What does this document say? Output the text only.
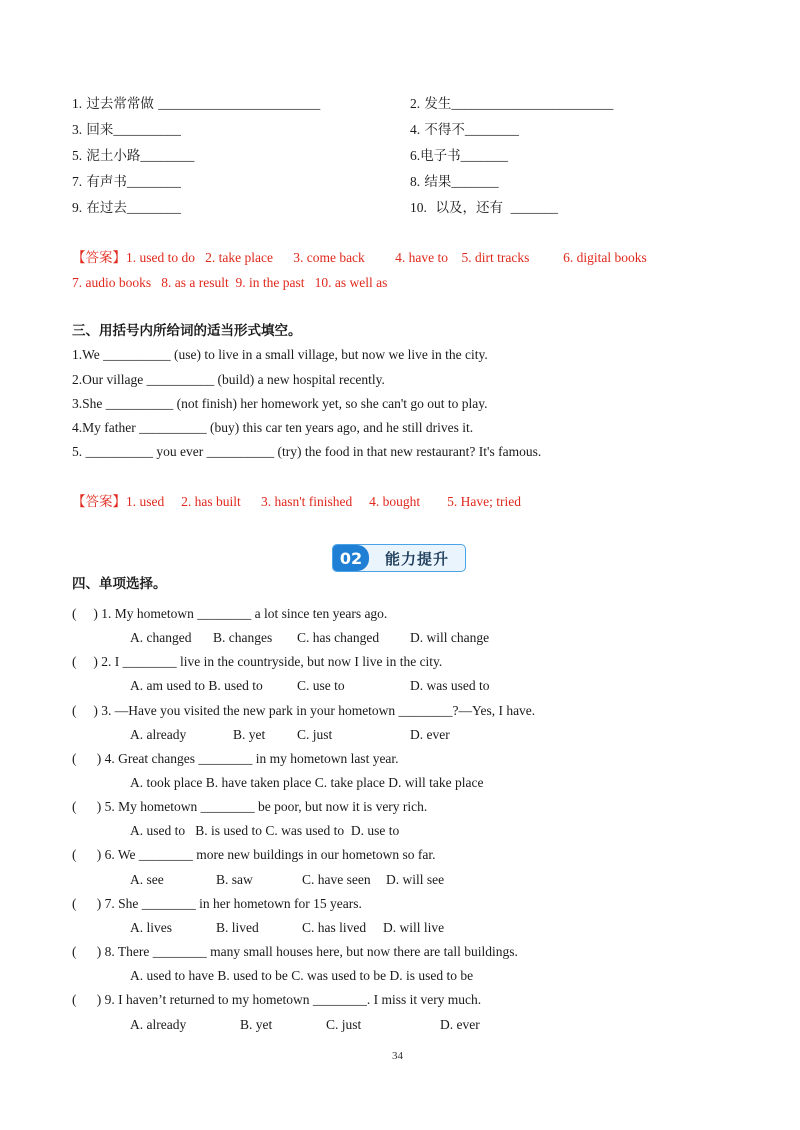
1. 过去常常做 ________________________	2. 发生________________________
3. 回来__________	4. 不得不________
5. 泥土小路________	6.电子书_______
7. 有声书________	8. 结果_______
9. 在过去________	10.  以及，还有  _______
【答案】1. used to do   2. take place      3. come back         4. have to    5. dirt tracks          6. digital books
7. audio books   8. as a result  9. in the past   10. as well as
三、用括号内所给词的适当形式填空。
1.We __________ (use) to live in a small village, but now we live in the city.
2.Our village __________ (build) a new hospital recently.
3.She __________ (not finish) her homework yet, so she can't go out to play.
4.My father __________ (buy) this car ten years ago, and he still drives it.
5. __________ you ever __________ (try) the food in that new restaurant? It's famous.
【答案】1. used     2. has built      3. hasn't finished     4. bought        5. Have; tried
02	能力提升
四、单项选择。
(     ) 1. My hometown ________ a lot since ten years ago.
A. changed B. changes C. has changed D. will change
(     ) 2. I ________ live in the countryside, but now I live in the city.
A. am used to B. used to	C. use to	D. was used to
(     ) 3. —Have you visited the new park in your hometown ________?—Yes, I have.
A. already	B. yet C. just	D. ever
(      ) 4. Great changes ________ in my hometown last year.
A. took place B. have taken place C. take place D. will take place
(      ) 5. My hometown ________ be poor, but now it is very rich.
A. used to   B. is used to C. was used to  D. use to
(      ) 6. We ________ more new buildings in our hometown so far.
A. see	B. saw	C. have seen D. will see
(      ) 7. She ________ in her hometown for 15 years.
A. lives	B. lived	C. has lived D. will live
(      ) 8. There ________ many small houses here, but now there are tall buildings.
A. used to have B. used to be C. was used to be D. is used to be
(      ) 9. I haven’t returned to my hometown ________. I miss it very much.
A. already	B. yet	C. just	D. ever
34
